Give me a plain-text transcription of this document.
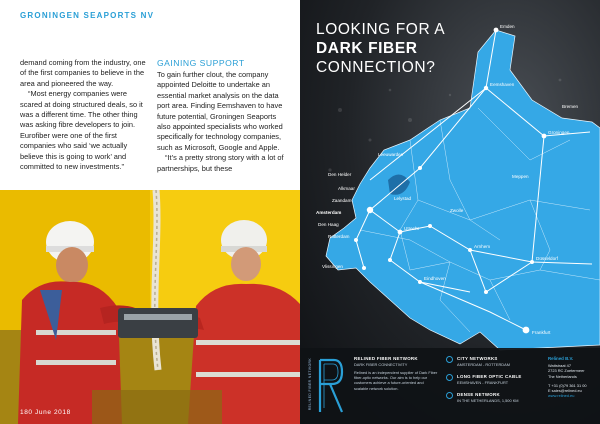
GRONINGEN SEAPORTS NV

demand coming from the industry, one of the first companies to believe in the area and pioneered the way.

“Most energy companies were scared at doing structured deals, so it was a different time. The other thing was asking fibre developers to join. Eurofiber were one of the first companies who said ‘we actually believe this is going to work’ and committed to new investments.”

GAINING SUPPORT

To gain further clout, the company appointed Deloitte to undertake an essential market analysis on the data port area. Finding Eemshaven to have future potential, Groningen Seaports also appointed specialists who worked specifically for technology companies, such as Microsoft, Google and Apple.

“It’s a pretty strong story with a lot of partnerships, but these

180 June 2018
Emden
Eemshaven
Groningen
Leeuwarden
Den Helder
Alkmaar
Zaandam
Amsterdam
Den Haag
Rotterdam
Utrecht
Zwolle
Arnhem
Eindhoven
Düsseldorf
Vlissingen
Frankfurt
Bremen
Meppen
Lelystad
LOOKING FOR A
DARK FIBER
CONNECTION?
RELINED FIBER NETWORK	RELINED FIBER NETWORK
DARK FIBER CONNECTIVITY
Relined is an independent supplier of Dark Fiber fiber-optic networks. Our aim is to help our customers achieve a future-oriented and scalable network solution.
CITY NETWORKS
AMSTERDAM - ROTTERDAM
LONG FIBER OPTIC CABLE
EEMSHAVEN - FRANKFURT
DENSE NETWORK
IN THE NETHERLANDS, 1,500 KM
Relined B.V.
Wattstraat 47
2723 RC Zoetermeer
The Netherlands
T +31 (0)79 361 31 00
E sales@relined.eu
www.relined.eu
